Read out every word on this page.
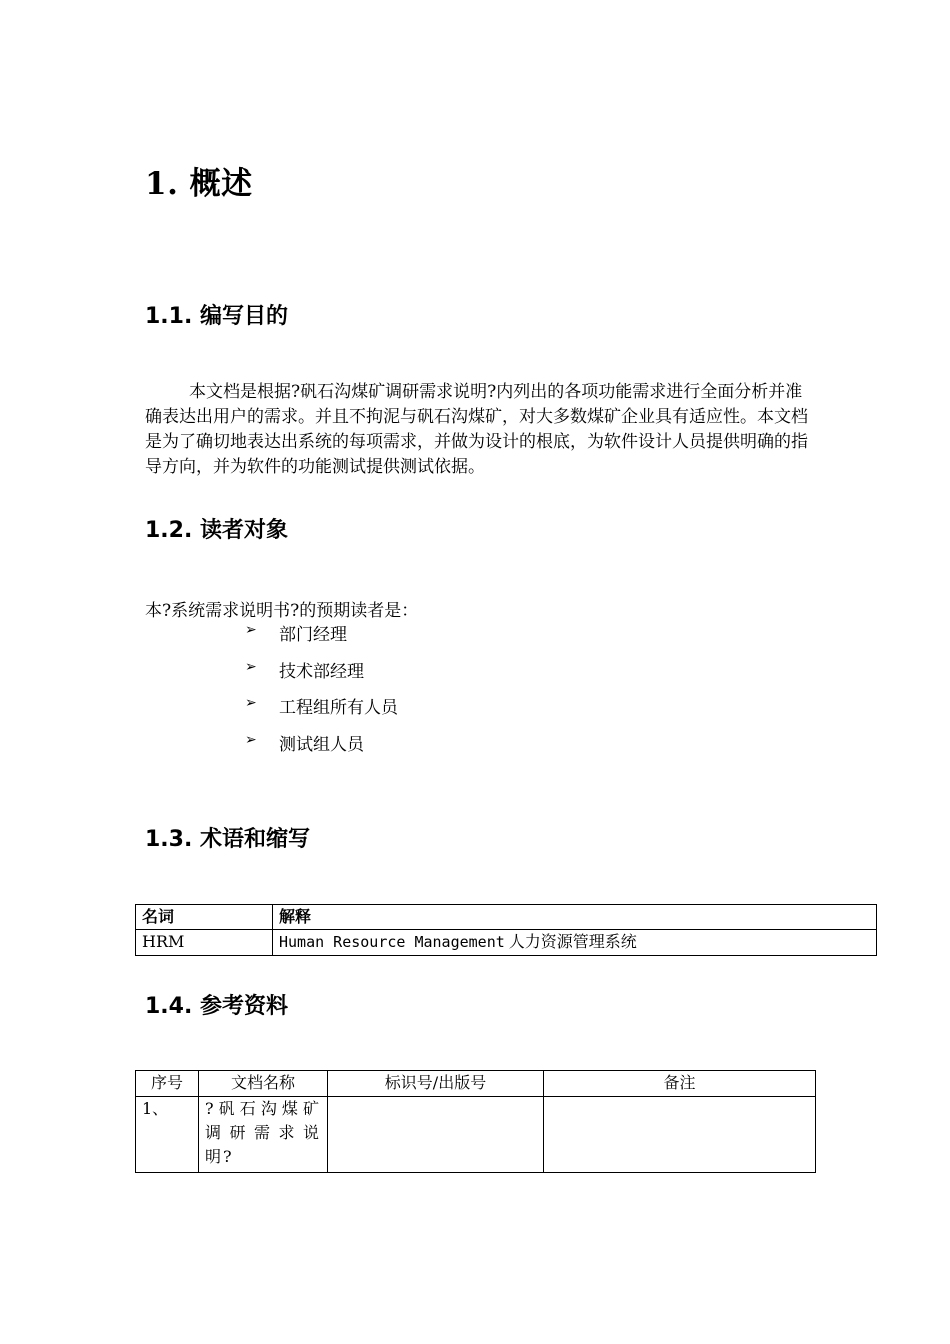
1. 概述
1.1. 编写目的
本文档是根据?矾石沟煤矿调研需求说明?内列出的各项功能需求进行全面分析并准确表达出用户的需求。并且不拘泥与矾石沟煤矿，对大多数煤矿企业具有适应性。本文档是为了确切地表达出系统的每项需求，并做为设计的根底，为软件设计人员提供明确的指导方向，并为软件的功能测试提供测试依据。
1.2. 读者对象
本?系统需求说明书?的预期读者是：
➢	部门经理
➢	技术部经理
➢	工程组所有人员
➢	测试组人员
1.3. 术语和缩写
名词	解释
HRM	Human Resource Management 人力资源管理系统
1.4. 参考资料
序号	文档名称	标识号/出版号	备注
1、	?矾石沟煤矿调研需求说明?		
